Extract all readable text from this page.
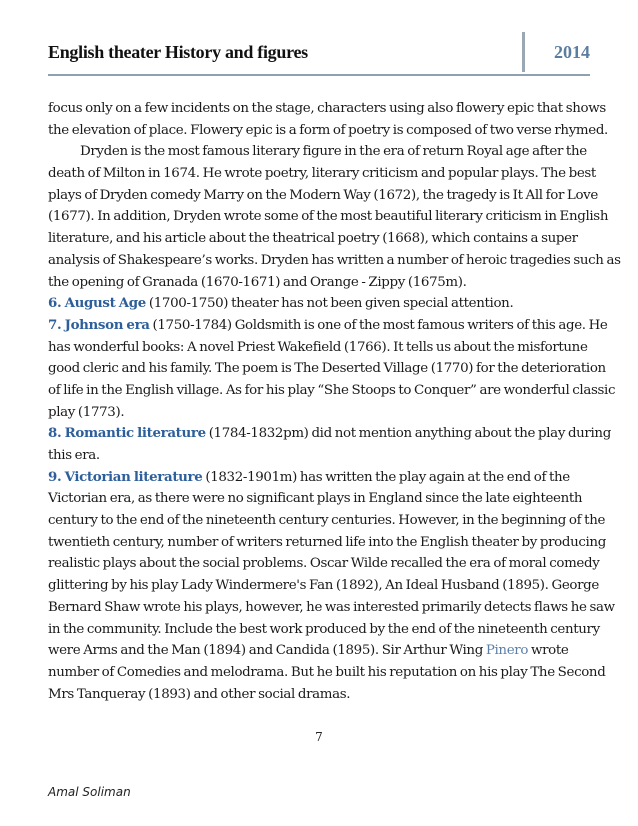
English theater History and figures	2014
focus only on a few incidents on the stage, characters using also flowery epic that shows
the elevation of place. Flowery epic is a form of poetry is composed of two verse rhymed.
Dryden is the most famous literary figure in the era of return Royal age after the
death of Milton in 1674. He wrote poetry, literary criticism and popular plays. The best
plays of Dryden comedy Marry on the Modern Way (1672), the tragedy is It All for Love
(1677). In addition, Dryden wrote some of the most beautiful literary criticism in English
literature, and his article about the theatrical poetry (1668), which contains a super
analysis of Shakespeare’s works. Dryden has written a number of heroic tragedies such as
the opening of Granada (1670-1671) and Orange - Zippy (1675m).
6. August Age (1700-1750) theater has not been given special attention.
7. Johnson era (1750-1784) Goldsmith is one of the most famous writers of this age. He
has wonderful books: A novel Priest Wakefield (1766). It tells us about the misfortune
good cleric and his family. The poem is The Deserted Village (1770) for the deterioration
of life in the English village. As for his play “She Stoops to Conquer” are wonderful classic
play (1773).
8. Romantic literature (1784-1832pm) did not mention anything about the play during
this era.
9. Victorian literature (1832-1901m) has written the play again at the end of the
Victorian era, as there were no significant plays in England since the late eighteenth
century to the end of the nineteenth century centuries. However, in the beginning of the
twentieth century, number of writers returned life into the English theater by producing
realistic plays about the social problems. Oscar Wilde recalled the era of moral comedy
glittering by his play Lady Windermere's Fan (1892), An Ideal Husband (1895). George
Bernard Shaw wrote his plays, however, he was interested primarily detects flaws he saw
in the community. Include the best work produced by the end of the nineteenth century
were Arms and the Man (1894) and Candida (1895). Sir Arthur Wing Pinero wrote
number of Comedies and melodrama. But he built his reputation on his play The Second
Mrs Tanqueray (1893) and other social dramas.
7
Amal Soliman
